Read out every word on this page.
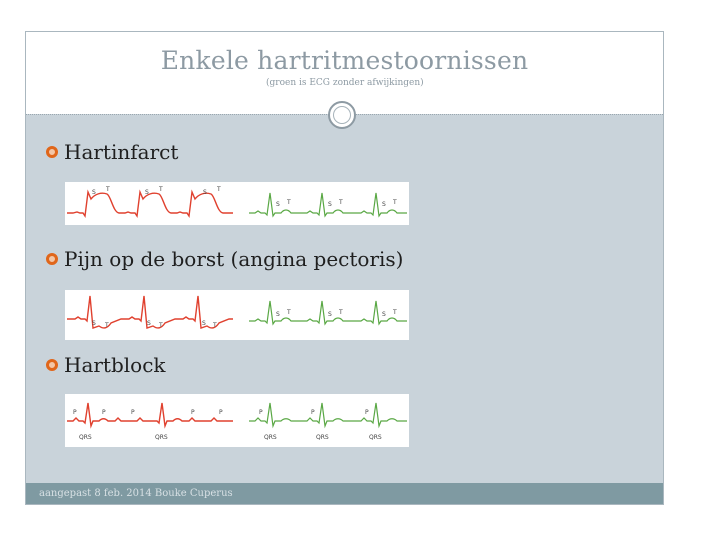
Enkele hartritmestoornissen
(groen is ECG zonder afwijkingen)
Hartinfarct
S T	S T	S T
S T	S T	S T
Pijn op de borst (angina pectoris)
S T	S T	S T
S T	S T	S T
Hartblock
P	P	P	P	P
QRS	QRS
P	P	P
QRS	QRS	QRS
aangepast 8 feb. 2014 Bouke Cuperus
